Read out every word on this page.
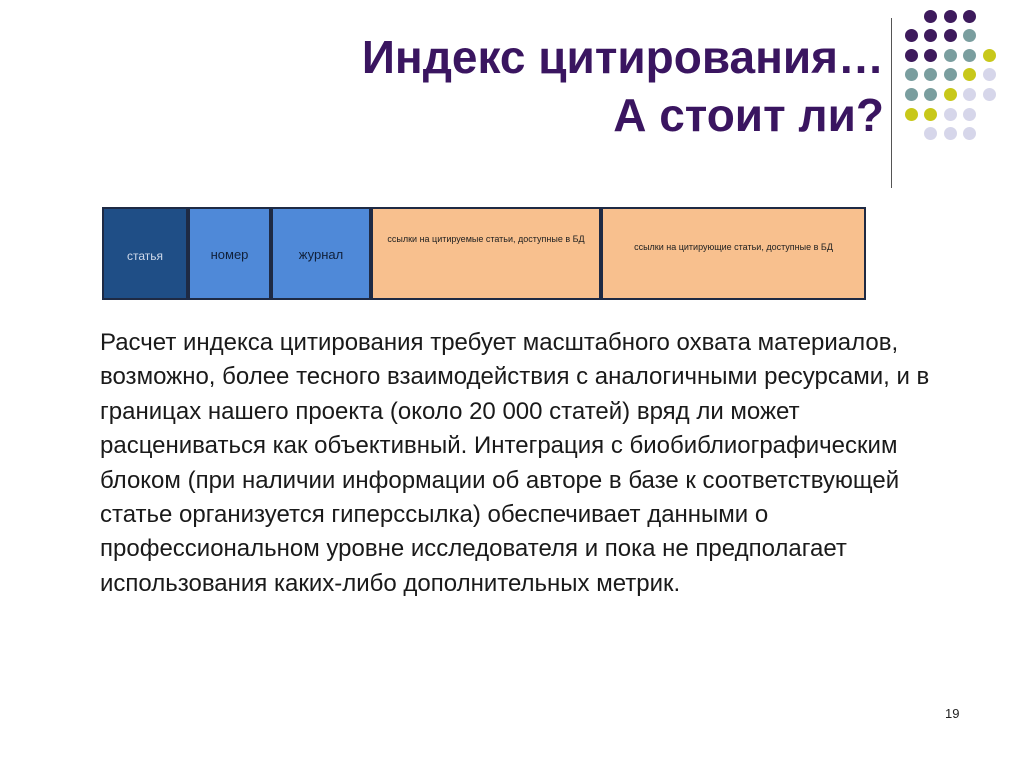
Индекс цитирования…
А стоит ли?
статья	номер	журнал
ссылки на цитируемые статьи, доступные в БД
ссылки на цитирующие статьи, доступные в БД
Расчет индекса цитирования требует масштабного охвата материалов, возможно, более тесного взаимодействия с аналогичными ресурсами, и в границах нашего проекта (около 20 000 статей) вряд ли может расцениваться как объективный. Интеграция с биобиблиографическим блоком (при наличии информации об авторе в базе к соответствующей статье организуется гиперссылка) обеспечивает данными о профессиональном уровне исследователя и пока не предполагает использования каких-либо дополнительных метрик.
19
